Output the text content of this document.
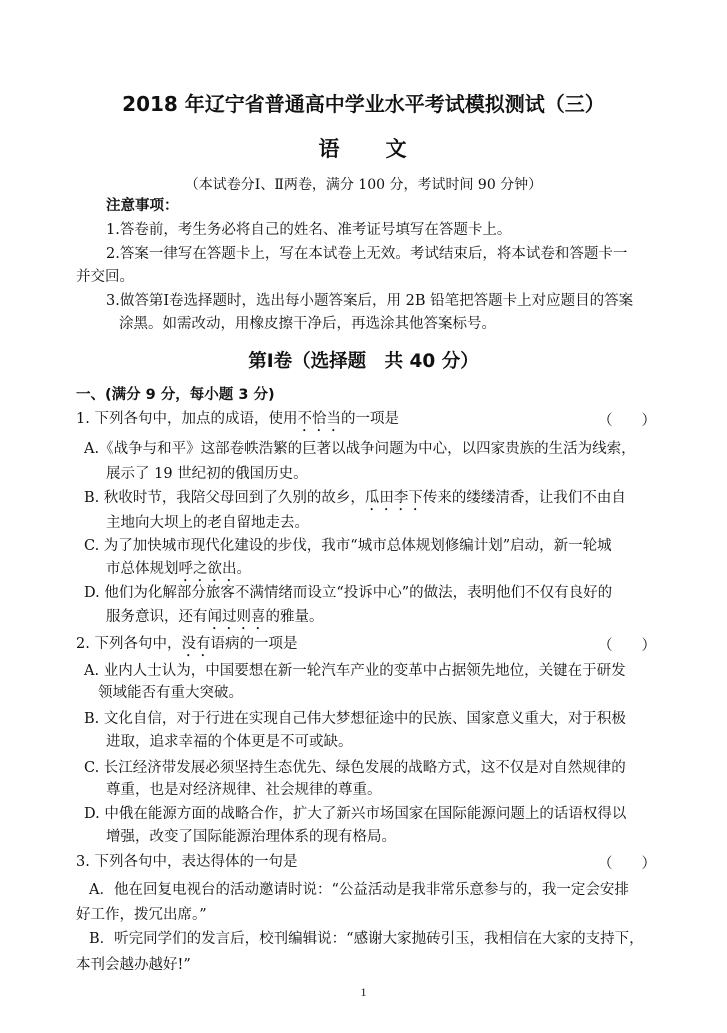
2018 年辽宁省普通高中学业水平考试模拟测试（三）
语 文
（本试卷分Ⅰ、Ⅱ两卷，满分 100 分，考试时间 90 分钟）
注意事项：
1.答卷前，考生务必将自己的姓名、准考证号填写在答题卡上。
2.答案一律写在答题卡上，写在本试卷上无效。考试结束后，将本试卷和答题卡一
并交回。
3.做答第Ⅰ卷选择题时，选出每小题答案后，用 2B 铅笔把答题卡上对应题目的答案
涂黑。如需改动，用橡皮擦干净后，再选涂其他答案标号。
第Ⅰ卷（选择题　共 40 分）
一、(满分 9 分，每小题 3 分)
1. 下列各句中，加点的成语，使用不恰当的一项是	（　　）
A.《战争与和平》这部卷帙浩繁的巨著以战争问题为中心，以四家贵族的生活为线索，
展示了 19 世纪初的俄国历史。
B. 秋收时节，我陪父母回到了久别的故乡，瓜田李下传来的缕缕清香，让我们不由自
主地向大坝上的老自留地走去。
C. 为了加快城市现代化建设的步伐，我市“城市总体规划修编计划”启动，新一轮城
市总体规划呼之欲出。
D. 他们为化解部分旅客不满情绪而设立“投诉中心”的做法，表明他们不仅有良好的
服务意识，还有闻过则喜的雅量。
2. 下列各句中，没有语病的一项是	（　　）
A. 业内人士认为，中国要想在新一轮汽车产业的变革中占据领先地位，关键在于研发
领域能否有重大突破。
B. 文化自信，对于行进在实现自己伟大梦想征途中的民族、国家意义重大，对于积极
进取，追求幸福的个体更是不可或缺。
C. 长江经济带发展必须坚持生态优先、绿色发展的战略方式，这不仅是对自然规律的
尊重，也是对经济规律、社会规律的尊重。
D. 中俄在能源方面的战略合作，扩大了新兴市场国家在国际能源问题上的话语权得以
增强，改变了国际能源治理体系的现有格局。
3. 下列各句中，表达得体的一句是	（　　）
A．他在回复电视台的活动邀请时说：“公益活动是我非常乐意参与的，我一定会安排
好工作，拨冗出席。”
B．听完同学们的发言后，校刊编辑说：“感谢大家抛砖引玉，我相信在大家的支持下，
本刊会越办越好!”
1
